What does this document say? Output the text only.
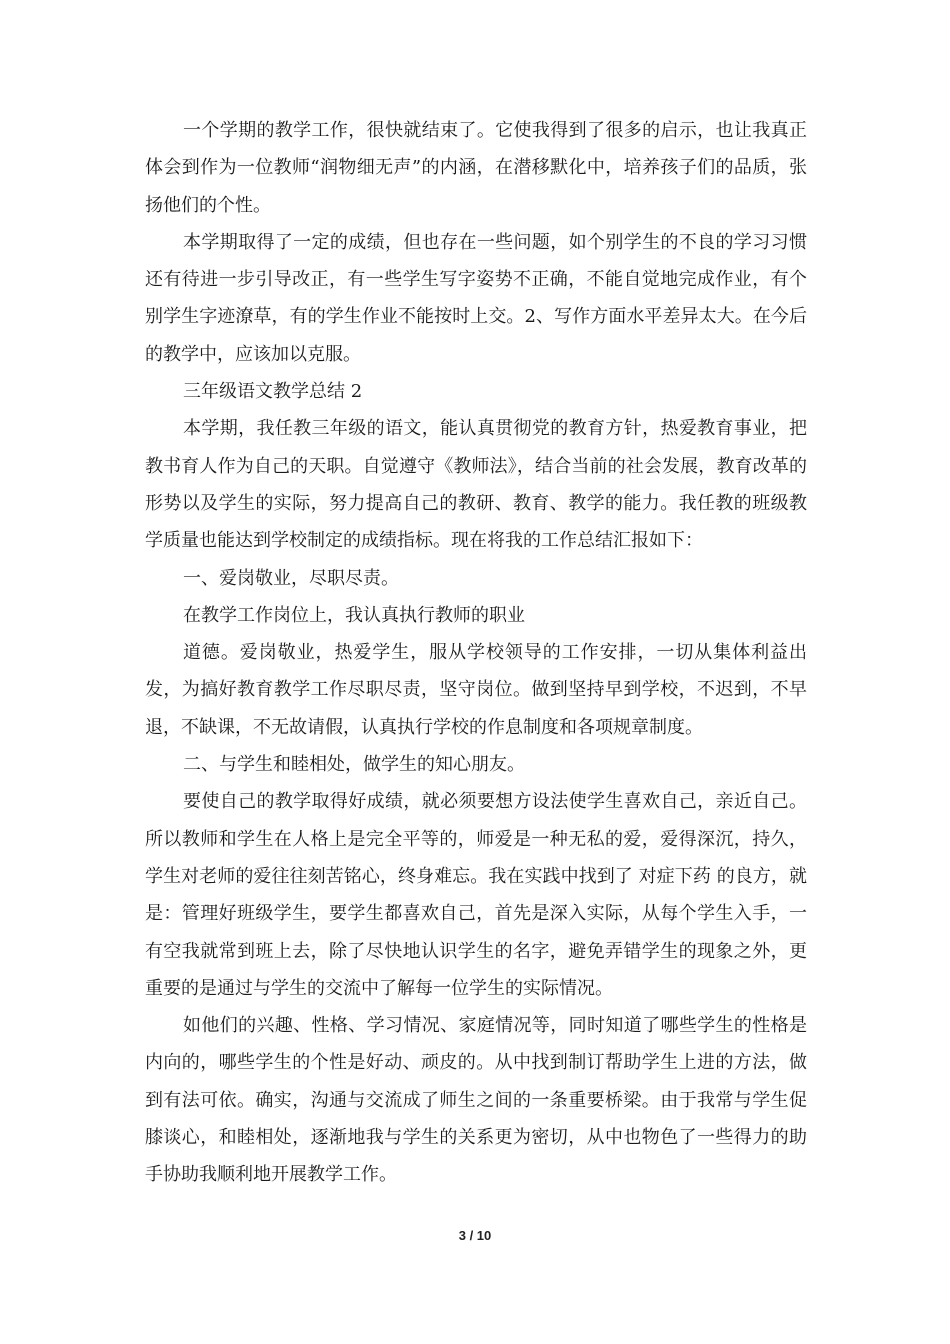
一个学期的教学工作，很快就结束了。它使我得到了很多的启示，也让我真正体会到作为一位教师“润物细无声”的内涵，在潜移默化中，培养孩子们的品质，张扬他们的个性。

本学期取得了一定的成绩，但也存在一些问题，如个别学生的不良的学习习惯还有待进一步引导改正，有一些学生写字姿势不正确，不能自觉地完成作业，有个别学生字迹潦草，有的学生作业不能按时上交。2、写作方面水平差异太大。在今后的教学中，应该加以克服。

三年级语文教学总结 2

本学期，我任教三年级的语文，能认真贯彻党的教育方针，热爱教育事业，把教书育人作为自己的天职。自觉遵守《教师法》，结合当前的社会发展，教育改革的形势以及学生的实际，努力提高自己的教研、教育、教学的能力。我任教的班级教学质量也能达到学校制定的成绩指标。现在将我的工作总结汇报如下：

一、爱岗敬业，尽职尽责。

在教学工作岗位上，我认真执行教师的职业

道德。爱岗敬业，热爱学生，服从学校领导的工作安排，一切从集体利益出发，为搞好教育教学工作尽职尽责，坚守岗位。做到坚持早到学校，不迟到，不早退，不缺课，不无故请假，认真执行学校的作息制度和各项规章制度。

二、与学生和睦相处，做学生的知心朋友。

要使自己的教学取得好成绩，就必须要想方设法使学生喜欢自己，亲近自己。所以教师和学生在人格上是完全平等的，师爱是一种无私的爱，爱得深沉，持久，学生对老师的爱往往刻苦铭心，终身难忘。我在实践中找到了 对症下药 的良方，就是：管理好班级学生，要学生都喜欢自己，首先是深入实际，从每个学生入手，一有空我就常到班上去，除了尽快地认识学生的名字，避免弄错学生的现象之外，更重要的是通过与学生的交流中了解每一位学生的实际情况。

如他们的兴趣、性格、学习情况、家庭情况等，同时知道了哪些学生的性格是内向的，哪些学生的个性是好动、顽皮的。从中找到制订帮助学生上进的方法，做到有法可依。确实，沟通与交流成了师生之间的一条重要桥梁。由于我常与学生促膝谈心，和睦相处，逐渐地我与学生的关系更为密切，从中也物色了一些得力的助手协助我顺利地开展教学工作。

3 / 10
